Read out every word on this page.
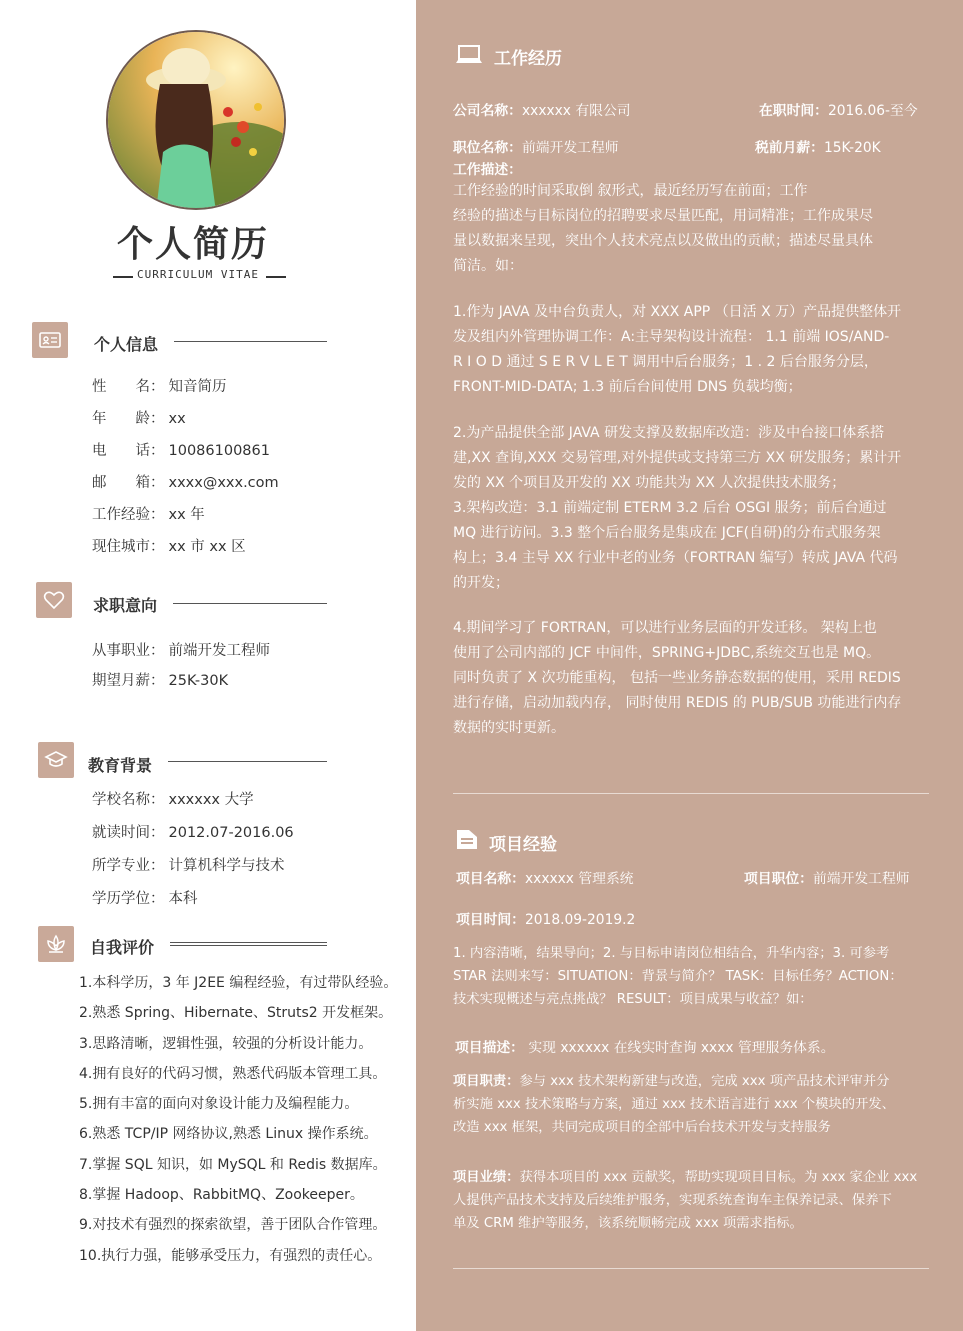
个人简历
CURRICULUM VITAE
个人信息
性　　名： 知音简历
年　　龄： xx
电　　话： 10086100861
邮　　箱： xxxx@xxx.com
工作经验： xx 年
现住城市： xx 市 xx 区
求职意向
从事职业： 前端开发工程师
期望月薪： 25K-30K
教育背景
学校名称： xxxxxx 大学
就读时间： 2012.07-2016.06
所学专业： 计算机科学与技术
学历学位： 本科
自我评价
1.本科学历，3 年 J2EE 编程经验，有过带队经验。
2.熟悉 Spring、Hibernate、Struts2 开发框架。
3.思路清晰，逻辑性强，较强的分析设计能力。
4.拥有良好的代码习惯，熟悉代码版本管理工具。
5.拥有丰富的面向对象设计能力及编程能力。
6.熟悉 TCP/IP 网络协议,熟悉 Linux 操作系统。
7.掌握 SQL 知识，如 MySQL 和 Redis 数据库。
8.掌握 Hadoop、RabbitMQ、Zookeeper。
9.对技术有强烈的探索欲望，善于团队合作管理。
10.执行力强，能够承受压力，有强烈的责任心。
工作经历
公司名称：xxxxxx 有限公司	在职时间：2016.06-至今
职位名称：前端开发工程师	税前月薪：15K-20K
工作描述：
工作经验的时间采取倒 叙形式，最近经历写在前面；工作
经验的描述与目标岗位的招聘要求尽量匹配，用词精准；工作成果尽
量以数据来呈现，突出个人技术亮点以及做出的贡献；描述尽量具体
简洁。如：
1.作为 JAVA 及中台负责人，对 XXX APP （日活 X 万）产品提供整体开
发及组内外管理协调工作：A:主导架构设计流程： 1.1 前端 IOS/AND-
R I O D 通过 S E R V L E T 调用中后台服务；1 . 2 后台服务分层，
FRONT-MID-DATA; 1.3 前后台间使用 DNS 负载均衡；
2.为产品提供全部 JAVA 研发支撑及数据库改造：涉及中台接口体系搭
建,XX 查询,XXX 交易管理,对外提供或支持第三方 XX 研发服务；累计开
发的 XX 个项目及开发的 XX 功能共为 XX 人次提供技术服务；
3.架构改造：3.1 前端定制 ETERM 3.2 后台 OSGI 服务；前后台通过
MQ 进行访问。3.3 整个后台服务是集成在 JCF(自研)的分布式服务架
构上；3.4 主导 XX 行业中老的业务（FORTRAN 编写）转成 JAVA 代码
的开发；
4.期间学习了 FORTRAN，可以进行业务层面的开发迁移。 架构上也
使用了公司内部的 JCF 中间件，SPRING+JDBC,系统交互也是 MQ。
同时负责了 X 次功能重构， 包括一些业务静态数据的使用，采用 REDIS
进行存储，启动加载内存， 同时使用 REDIS 的 PUB/SUB 功能进行内存
数据的实时更新。
项目经验
项目名称：xxxxxx 管理系统	项目职位：前端开发工程师
项目时间：2018.09-2019.2
1. 内容清晰，结果导向；2. 与目标申请岗位相结合，升华内容；3. 可参考
STAR 法则来写：SITUATION：背景与简介？ TASK：目标任务？ACTION：
技术实现概述与亮点挑战？ RESULT：项目成果与收益？如：
项目描述： 实现 xxxxxx 在线实时查询 xxxx 管理服务体系。
项目职责：参与 xxx 技术架构新建与改造，完成 xxx 项产品技术评审并分
析实施 xxx 技术策略与方案，通过 xxx 技术语言进行 xxx 个模块的开发、
改造 xxx 框架，共同完成项目的全部中后台技术开发与支持服务
项目业绩：获得本项目的 xxx 贡献奖，帮助实现项目目标。为 xxx 家企业 xxx
人提供产品技术支持及后续维护服务，实现系统查询车主保养记录、保养下
单及 CRM 维护等服务，该系统顺畅完成 xxx 项需求指标。
